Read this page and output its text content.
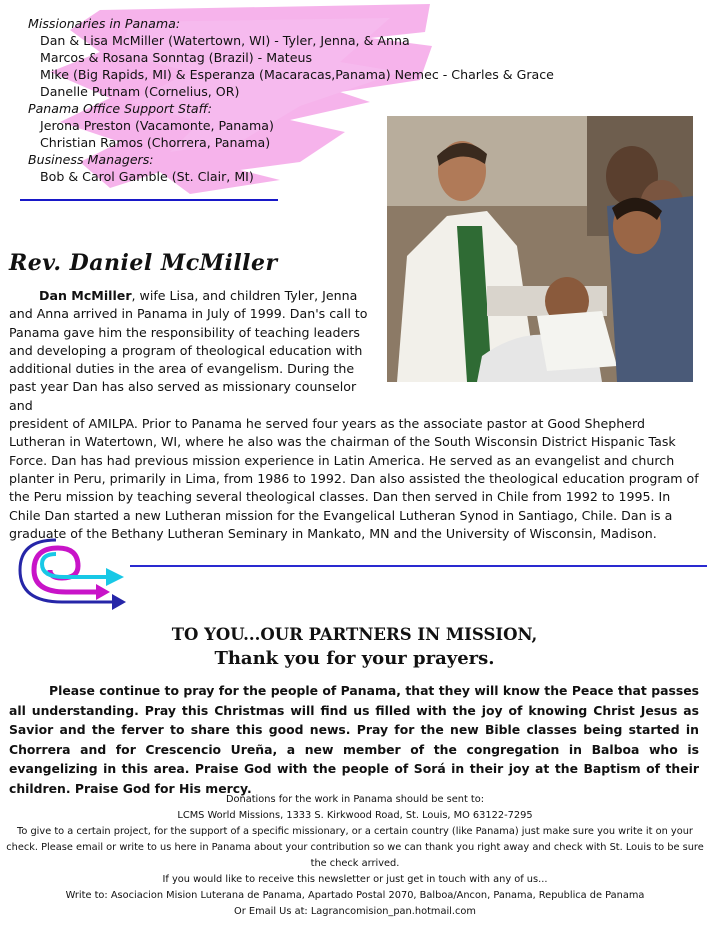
Missionaries in Panama:
Dan & Lisa McMiller (Watertown, WI) - Tyler, Jenna, & Anna
Marcos & Rosana Sonntag (Brazil) - Mateus
Mike (Big Rapids, MI) & Esperanza (Macaracas,Panama) Nemec - Charles & Grace
Danelle Putnam (Cornelius, OR)
Panama Office Support Staff:
Jerona Preston (Vacamonte, Panama)
Christian Ramos (Chorrera, Panama)
Business Managers:
Bob & Carol Gamble (St. Clair, MI)
Rev. Daniel McMiller

Dan McMiller, wife Lisa, and children Tyler, Jenna and Anna arrived in Panama in July of 1999. Dan's call to Panama gave him the responsibility of teaching leaders and developing a program of theological education with additional duties in the area of evangelism. During the past year Dan has also served as missionary counselor and

president of AMILPA. Prior to Panama he served four years as the associate pastor at Good Shepherd Lutheran in Watertown, WI, where he also was the chairman of the South Wisconsin District Hispanic Task Force. Dan has had previous mission experience in Latin America. He served as an evangelist and church planter in Peru, primarily in Lima, from 1986 to 1992. Dan also assisted the theological education program of the Peru mission by teaching several theological classes. Dan then served in Chile from 1992 to 1995. In Chile Dan started a new Lutheran mission for the Evangelical Lutheran Synod in Santiago, Chile. Dan is a graduate of the Bethany Lutheran Seminary in Mankato, MN and the University of Wisconsin, Madison.

TO YOU...OUR PARTNERS IN MISSION,
Thank you for your prayers.

Please continue to pray for the people of Panama, that they will know the Peace that passes all understanding. Pray this Christmas will find us filled with the joy of knowing Christ Jesus as Savior and the ferver to share this good news. Pray for the new Bible classes being started in Chorrera and for Crescencio Ureña, a new member of the congregation in Balboa who is evangelizing in this area. Praise God with the people of Sorá in their joy at the Baptism of their children. Praise God for His mercy.

Donations for the work in Panama should be sent to:
LCMS World Missions, 1333 S. Kirkwood Road, St. Louis, MO 63122-7295
To give to a certain project, for the support of a specific missionary, or a certain country (like Panama) just make sure you write it on your check. Please email or write to us here in Panama about your contribution so we can thank you right away and check with St. Louis to be sure the check arrived.
If you would like to receive this newsletter or just get in touch with any of us...
Write to: Asociacion Mision Luterana de Panama, Apartado Postal 2070, Balboa/Ancon, Panama, Republica de Panama
Or Email Us at: Lagrancomision_pan.hotmail.com
